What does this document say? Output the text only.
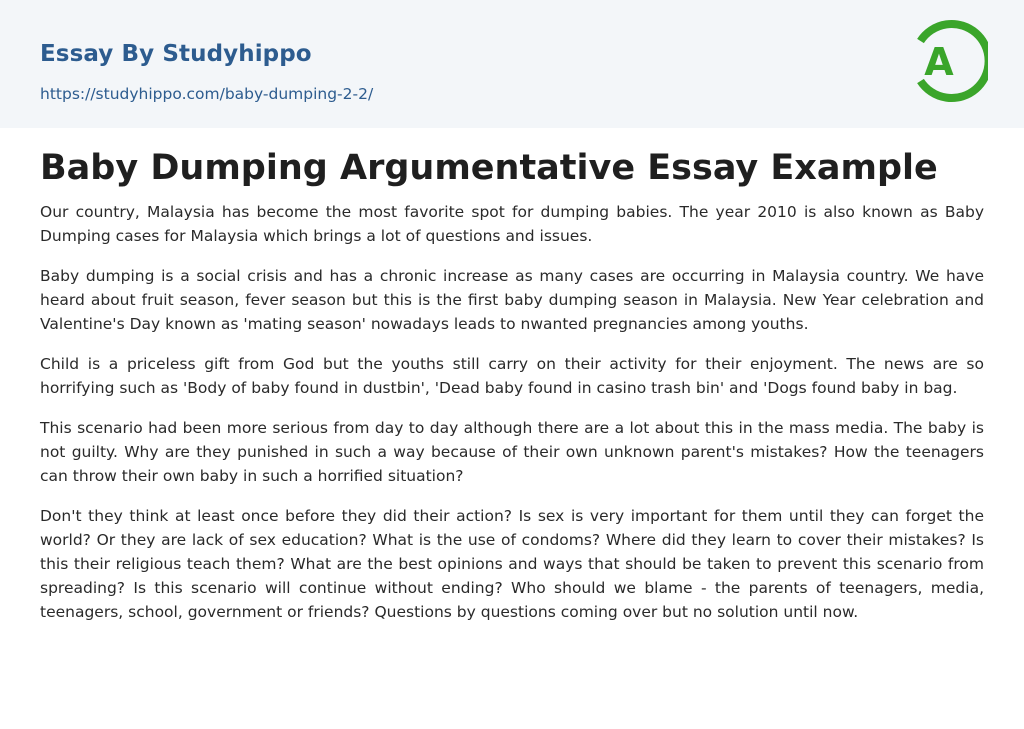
Essay By Studyhippo
https://studyhippo.com/baby-dumping-2-2/
A
Baby Dumping Argumentative Essay Example

Our country, Malaysia has become the most favorite spot for dumping babies. The year 2010 is also known as Baby Dumping cases for Malaysia which brings a lot of questions and issues.

Baby dumping is a social crisis and has a chronic increase as many cases are occurring in Malaysia country. We have heard about fruit season, fever season but this is the first baby dumping season in Malaysia. New Year celebration and Valentine's Day known as 'mating season' nowadays leads to nwanted pregnancies among youths.

Child is a priceless gift from God but the youths still carry on their activity for their enjoyment. The news are so horrifying such as 'Body of baby found in dustbin', 'Dead baby found in casino trash bin' and 'Dogs found baby in bag.

This scenario had been more serious from day to day although there are a lot about this in the mass media. The baby is not guilty. Why are they punished in such a way because of their own unknown parent's mistakes? How the teenagers can throw their own baby in such a horrified situation?

Don't they think at least once before they did their action? Is sex is very important for them until they can forget the world? Or they are lack of sex education? What is the use of condoms? Where did they learn to cover their mistakes? Is this their religious teach them? What are the best opinions and ways that should be taken to prevent this scenario from spreading? Is this scenario will continue without ending? Who should we blame - the parents of teenagers, media, teenagers, school, government or friends? Questions by questions coming over but no solution until now.
